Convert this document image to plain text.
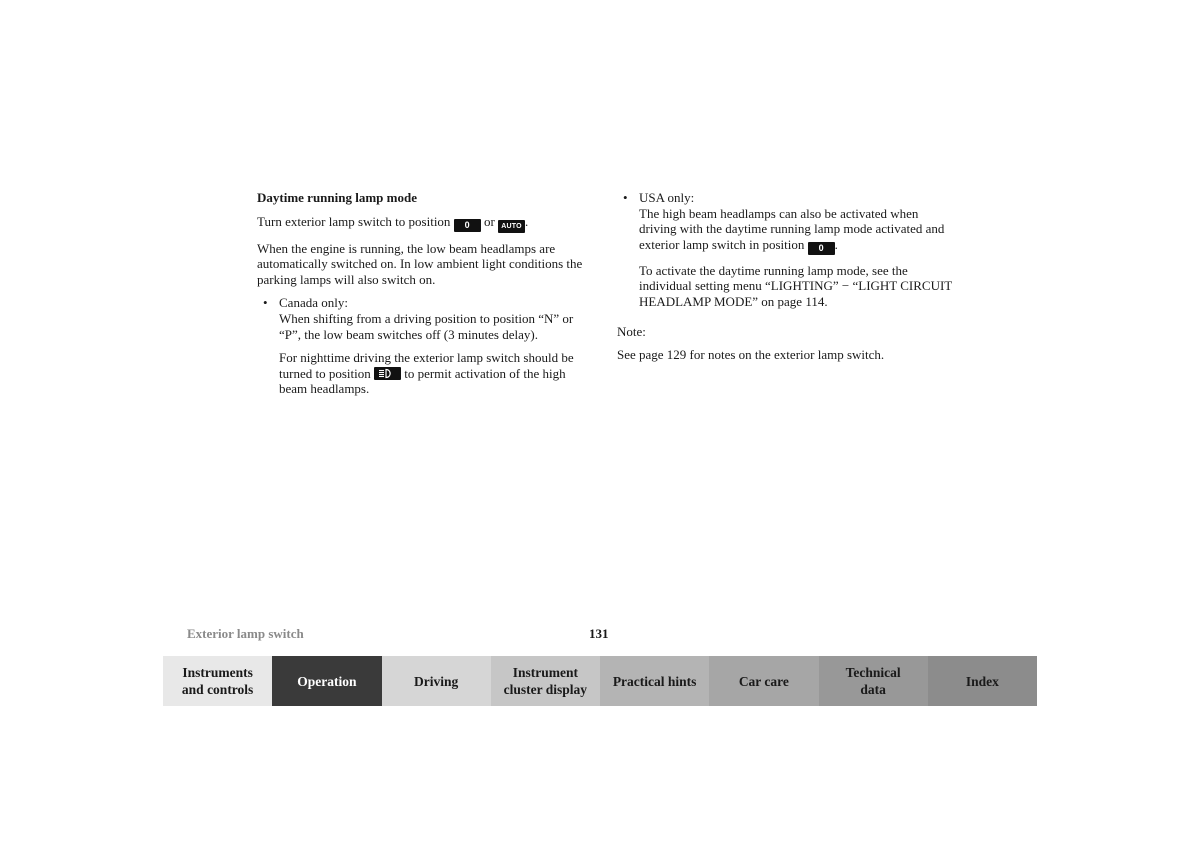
Daytime running lamp mode

Turn exterior lamp switch to position 0 or AUTO .

When the engine is running, the low beam headlamps are automatically switched on. In low ambient light conditions the parking lamps will also switch on.

• Canada only:

When shifting from a driving position to position “N” or “P”, the low beam switches off (3 minutes delay).

For nighttime driving the exterior lamp switch should be turned to position	to permit activation of the high beam headlamps.

• USA only:

The high beam headlamps can also be activated when driving with the daytime running lamp mode activated and exterior lamp switch in position 0 .

To activate the daytime running lamp mode, see the individual setting menu “LIGHTING” − “LIGHT CIRCUIT HEADLAMP MODE” on page 114.

Note:

See page 129 for notes on the exterior lamp switch.

Exterior lamp switch	131
Instruments
and controls
Operation	Driving
Instrument
cluster display
Practical hints	Car care
Technical
data
Index
